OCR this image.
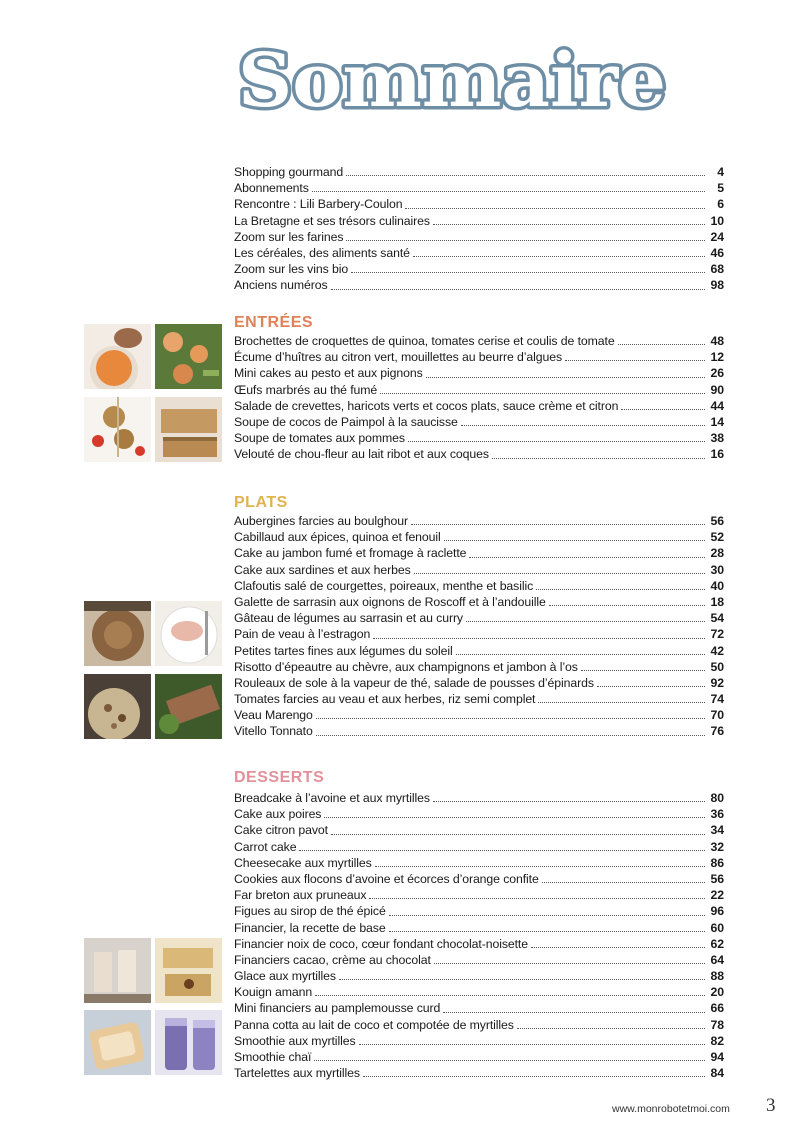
Sommaire
Shopping gourmand	4
Abonnements	5
Rencontre : Lili Barbery-Coulon	6
La Bretagne et ses trésors culinaires	10
Zoom sur les farines	24
Les céréales, des aliments santé	46
Zoom sur les vins bio	68
Anciens numéros	98
ENTRÉES
Brochettes de croquettes de quinoa, tomates cerise et coulis de tomate	48
Écume d’huîtres au citron vert, mouillettes au beurre d’algues	12
Mini cakes au pesto et aux pignons	26
Œufs marbrés au thé fumé	90
Salade de crevettes, haricots verts et cocos plats, sauce crème et citron	44
Soupe de cocos de Paimpol à la saucisse	14
Soupe de tomates aux pommes	38
Velouté de chou-fleur au lait ribot et aux coques	16
PLATS
Aubergines farcies au boulghour	56
Cabillaud aux épices, quinoa et fenouil	52
Cake au jambon fumé et fromage à raclette	28
Cake aux sardines et aux herbes	30
Clafoutis salé de courgettes, poireaux, menthe et basilic	40
Galette de sarrasin aux oignons de Roscoff et à l’andouille	18
Gâteau de légumes au sarrasin et au curry	54
Pain de veau à l’estragon	72
Petites tartes fines aux légumes du soleil	42
Risotto d’épeautre au chèvre, aux champignons et jambon à l’os	50
Rouleaux de sole à la vapeur de thé, salade de pousses d’épinards	92
Tomates farcies au veau et aux herbes, riz semi complet	74
Veau Marengo	70
Vitello Tonnato	76
DESSERTS
Breadcake à l’avoine et aux myrtilles	80
Cake aux poires	36
Cake citron pavot	34
Carrot cake	32
Cheesecake aux myrtilles	86
Cookies aux flocons d’avoine et écorces d’orange confite	56
Far breton aux pruneaux	22
Figues au sirop de thé épicé	96
Financier, la recette de base	60
Financier noix de coco, cœur fondant chocolat-noisette	62
Financiers cacao, crème au chocolat	64
Glace aux myrtilles	88
Kouign amann	20
Mini financiers au pamplemousse curd	66
Panna cotta au lait de coco et compotée de myrtilles	78
Smoothie aux myrtilles	82
Smoothie chaï	94
Tartelettes aux myrtilles	84
www.monrobotetmoi.com 3
